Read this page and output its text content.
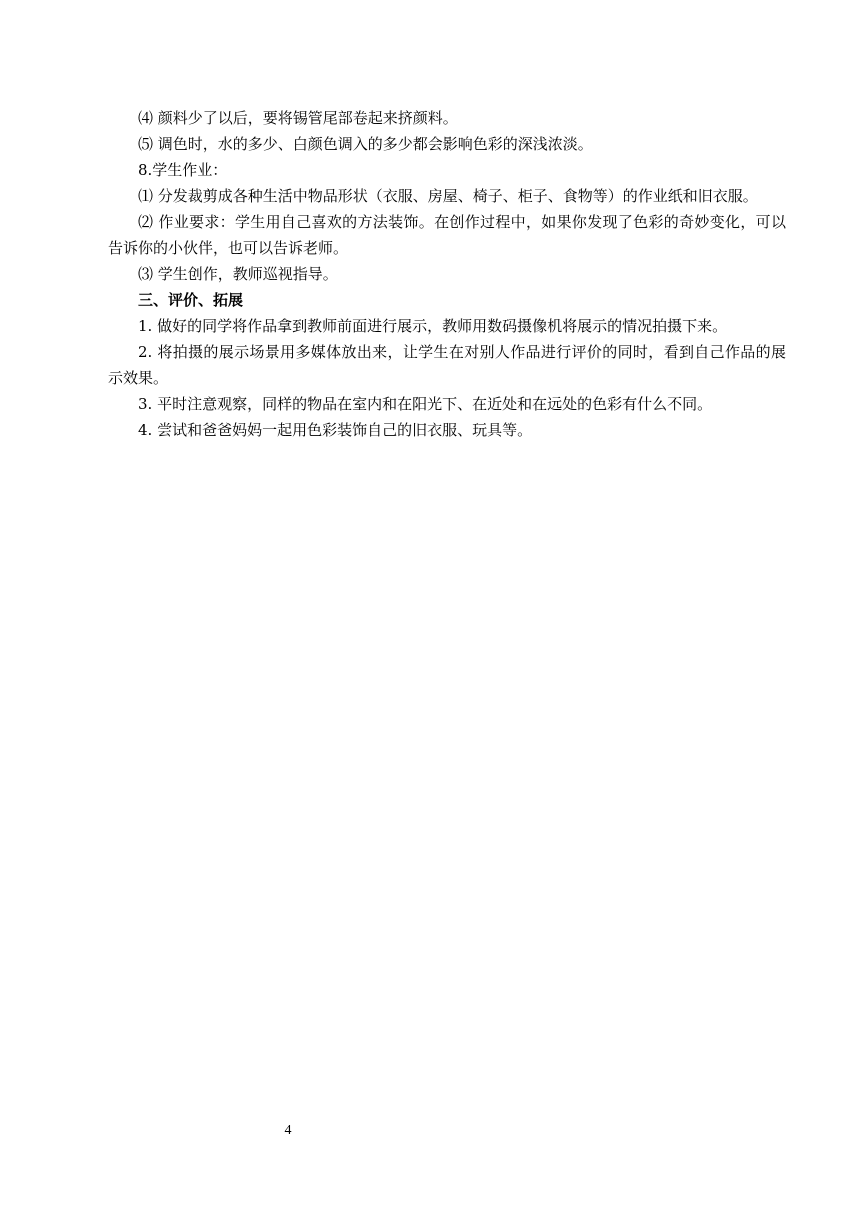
⑷ 颜料少了以后，要将锡管尾部卷起来挤颜料。

⑸ 调色时，水的多少、白颜色调入的多少都会影响色彩的深浅浓淡。

8.学生作业：

⑴ 分发裁剪成各种生活中物品形状（衣服、房屋、椅子、柜子、食物等）的作业纸和旧衣服。

⑵ 作业要求：学生用自己喜欢的方法装饰。在创作过程中，如果你发现了色彩的奇妙变化，可以告诉你的小伙伴，也可以告诉老师。

⑶ 学生创作，教师巡视指导。

三、评价、拓展

1. 做好的同学将作品拿到教师前面进行展示，教师用数码摄像机将展示的情况拍摄下来。

2. 将拍摄的展示场景用多媒体放出来，让学生在对别人作品进行评价的同时，看到自己作品的展示效果。

3. 平时注意观察，同样的物品在室内和在阳光下、在近处和在远处的色彩有什么不同。

4. 尝试和爸爸妈妈一起用色彩装饰自己的旧衣服、玩具等。

4
